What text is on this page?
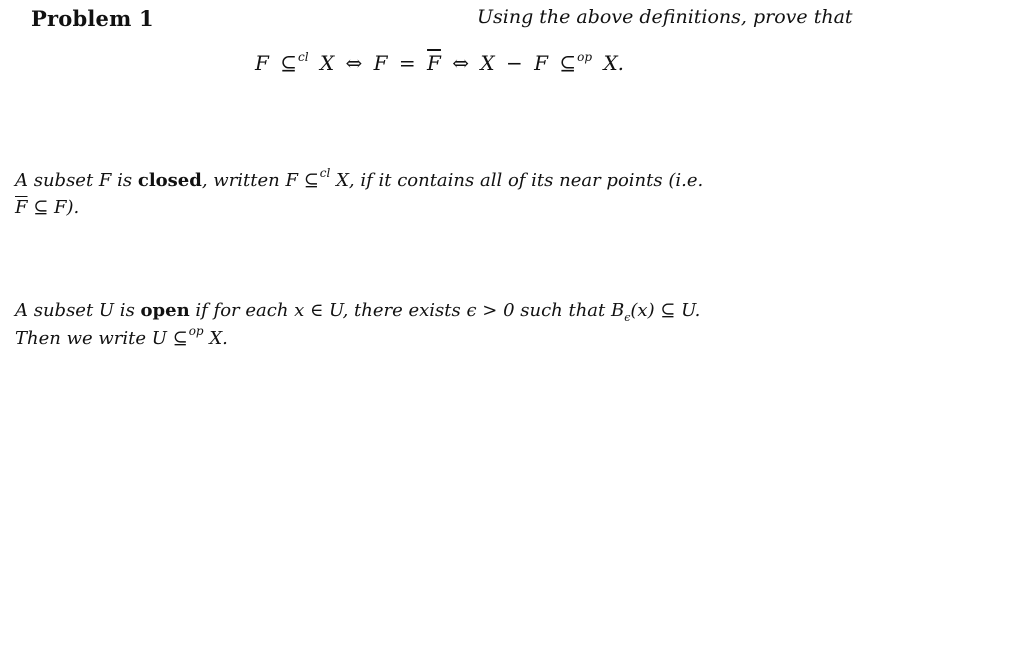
Problem 1	Using the above definitions, prove that
F ⊆$^{cl}$ X ⇔ $F = \overline{F}$ ⇔ X − F ⊆$^{op}$ X.
A subset F is closed, written F ⊆$^{cl}$ X, if it contains all of its near points (i.e.
$\overline{F}$ ⊆ F).
A subset U is open if for each x ∈ U, there exists ϵ > 0 such that $B_\epsilon(x)$ ⊆ U.
Then we write U ⊆$^{op}$ X.
